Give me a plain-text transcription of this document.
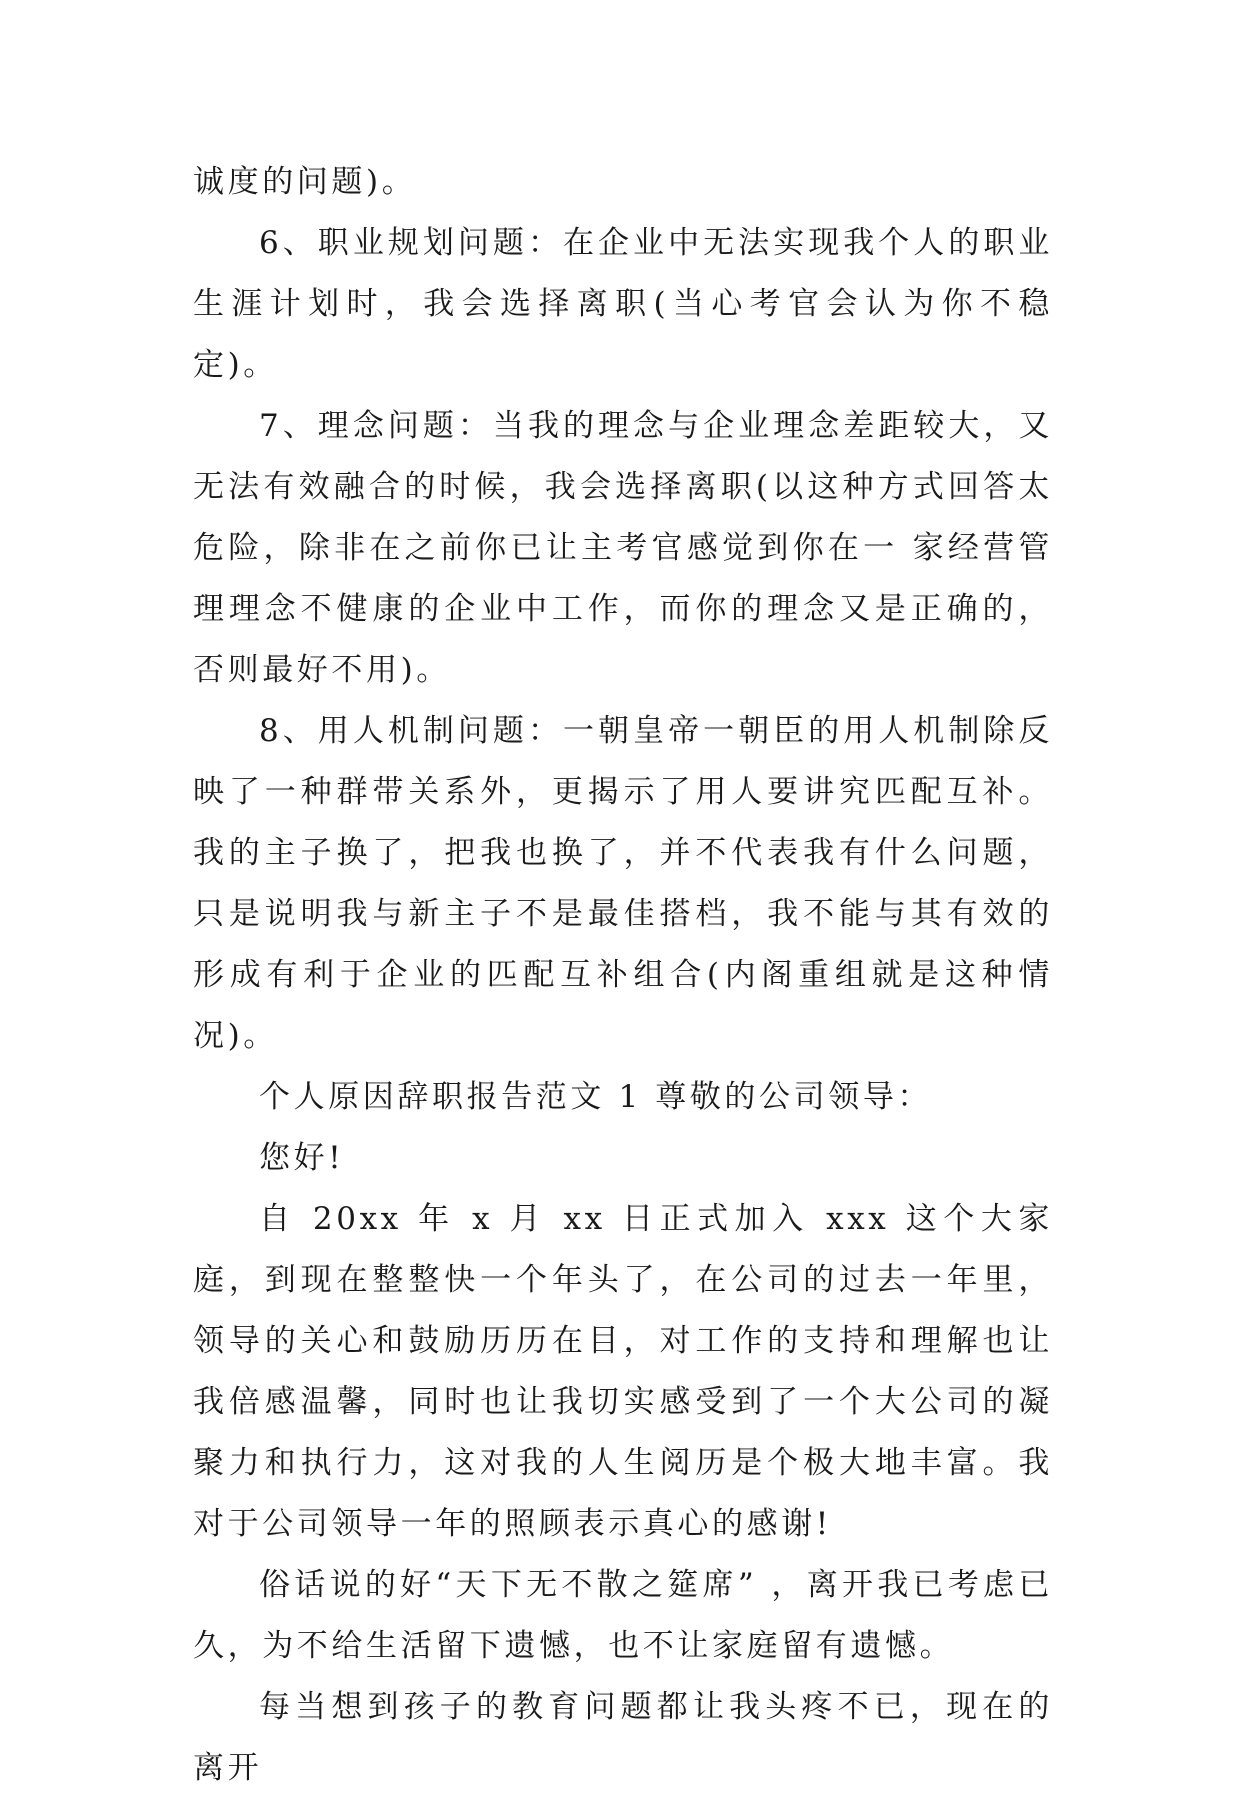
诚度的问题)。

6、职业规划问题：在企业中无法实现我个人的职业生涯计划时，我会选择离职(当心考官会认为你不稳定)。

7、理念问题：当我的理念与企业理念差距较大，又无法有效融合的时候，我会选择离职(以这种方式回答太危险，除非在之前你已让主考官感觉到你在一 家经营管理理念不健康的企业中工作，而你的理念又是正确的，否则最好不用)。

8、用人机制问题：一朝皇帝一朝臣的用人机制除反映了一种群带关系外，更揭示了用人要讲究匹配互补。我的主子换了，把我也换了，并不代表我有什么问题，只是说明我与新主子不是最佳搭档，我不能与其有效的形成有利于企业的匹配互补组合(内阁重组就是这种情况)。

个人原因辞职报告范文 1 尊敬的公司领导：

您好!

自 20xx 年 x 月 xx 日正式加入 xxx 这个大家庭，到现在整整快一个年头了，在公司的过去一年里，领导的关心和鼓励历历在目，对工作的支持和理解也让我倍感温馨，同时也让我切实感受到了一个大公司的凝聚力和执行力，这对我的人生阅历是个极大地丰富。我对于公司领导一年的照顾表示真心的感谢!

俗话说的好“天下无不散之筵席” ，离开我已考虑已久，为不给生活留下遗憾，也不让家庭留有遗憾。

每当想到孩子的教育问题都让我头疼不已，现在的离开
